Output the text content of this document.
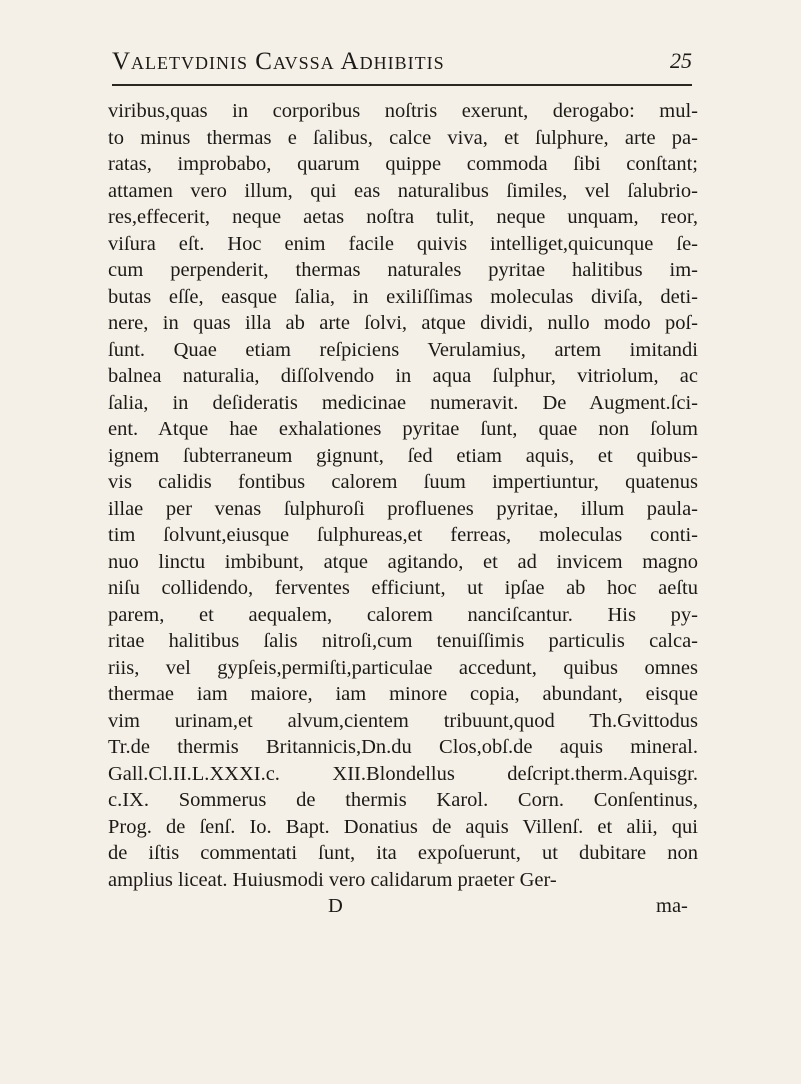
Valetvdinis Cavssa Adhibitis	25
viribus,quas in corporibus noſtris exerunt, derogabo: mul-
to minus thermas e ſalibus, calce viva, et ſulphure, arte pa-
ratas, improbabo, quarum quippe commoda ſibi conſtant;
attamen vero illum, qui eas naturalibus ſimiles, vel ſalubrio-
res,effecerit, neque aetas noſtra tulit, neque unquam, reor,
viſura eſt. Hoc enim facile quivis intelliget,quicunque ſe-
cum perpenderit, thermas naturales pyritae halitibus im-
butas eſſe, easque ſalia, in exiliſſimas moleculas diviſa, deti-
nere, in quas illa ab arte ſolvi, atque dividi, nullo modo poſ-
ſunt. Quae etiam reſpiciens Verulamius, artem imitandi
balnea naturalia, diſſolvendo in aqua ſulphur, vitriolum, ac
ſalia, in deſideratis medicinae numeravit. De Augment.ſci-
ent. Atque hae exhalationes pyritae ſunt, quae non ſolum
ignem ſubterraneum gignunt, ſed etiam aquis, et quibus-
vis calidis fontibus calorem ſuum impertiuntur, quatenus
illae per venas ſulphuroſi profluenes pyritae, illum paula-
tim ſolvunt,eiusque ſulphureas,et ferreas, moleculas conti-
nuo linctu imbibunt, atque agitando, et ad invicem magno
niſu collidendo, ferventes efficiunt, ut ipſae ab hoc aeſtu
parem, et aequalem, calorem nanciſcantur. His py-
ritae halitibus ſalis nitroſi,cum tenuiſſimis particulis calca-
riis, vel gypſeis,permiſti,particulae accedunt, quibus omnes
thermae iam maiore, iam minore copia, abundant, eisque
vim urinam,et alvum,cientem tribuunt,quod Th.Gvittodus
Tr.de thermis Britannicis,Dn.du Clos,obſ.de aquis mineral.
Gall.Cl.II.L.XXXI.c. XII.Blondellus deſcript.therm.Aquisgr.
c.IX. Sommerus de thermis Karol. Corn. Conſentinus,
Prog. de ſenſ. Io. Bapt. Donatius de aquis Villenſ. et alii, qui
de iſtis commentati ſunt, ita expoſuerunt, ut dubitare non
amplius liceat. Huiusmodi vero calidarum praeter Ger-
D	ma-
